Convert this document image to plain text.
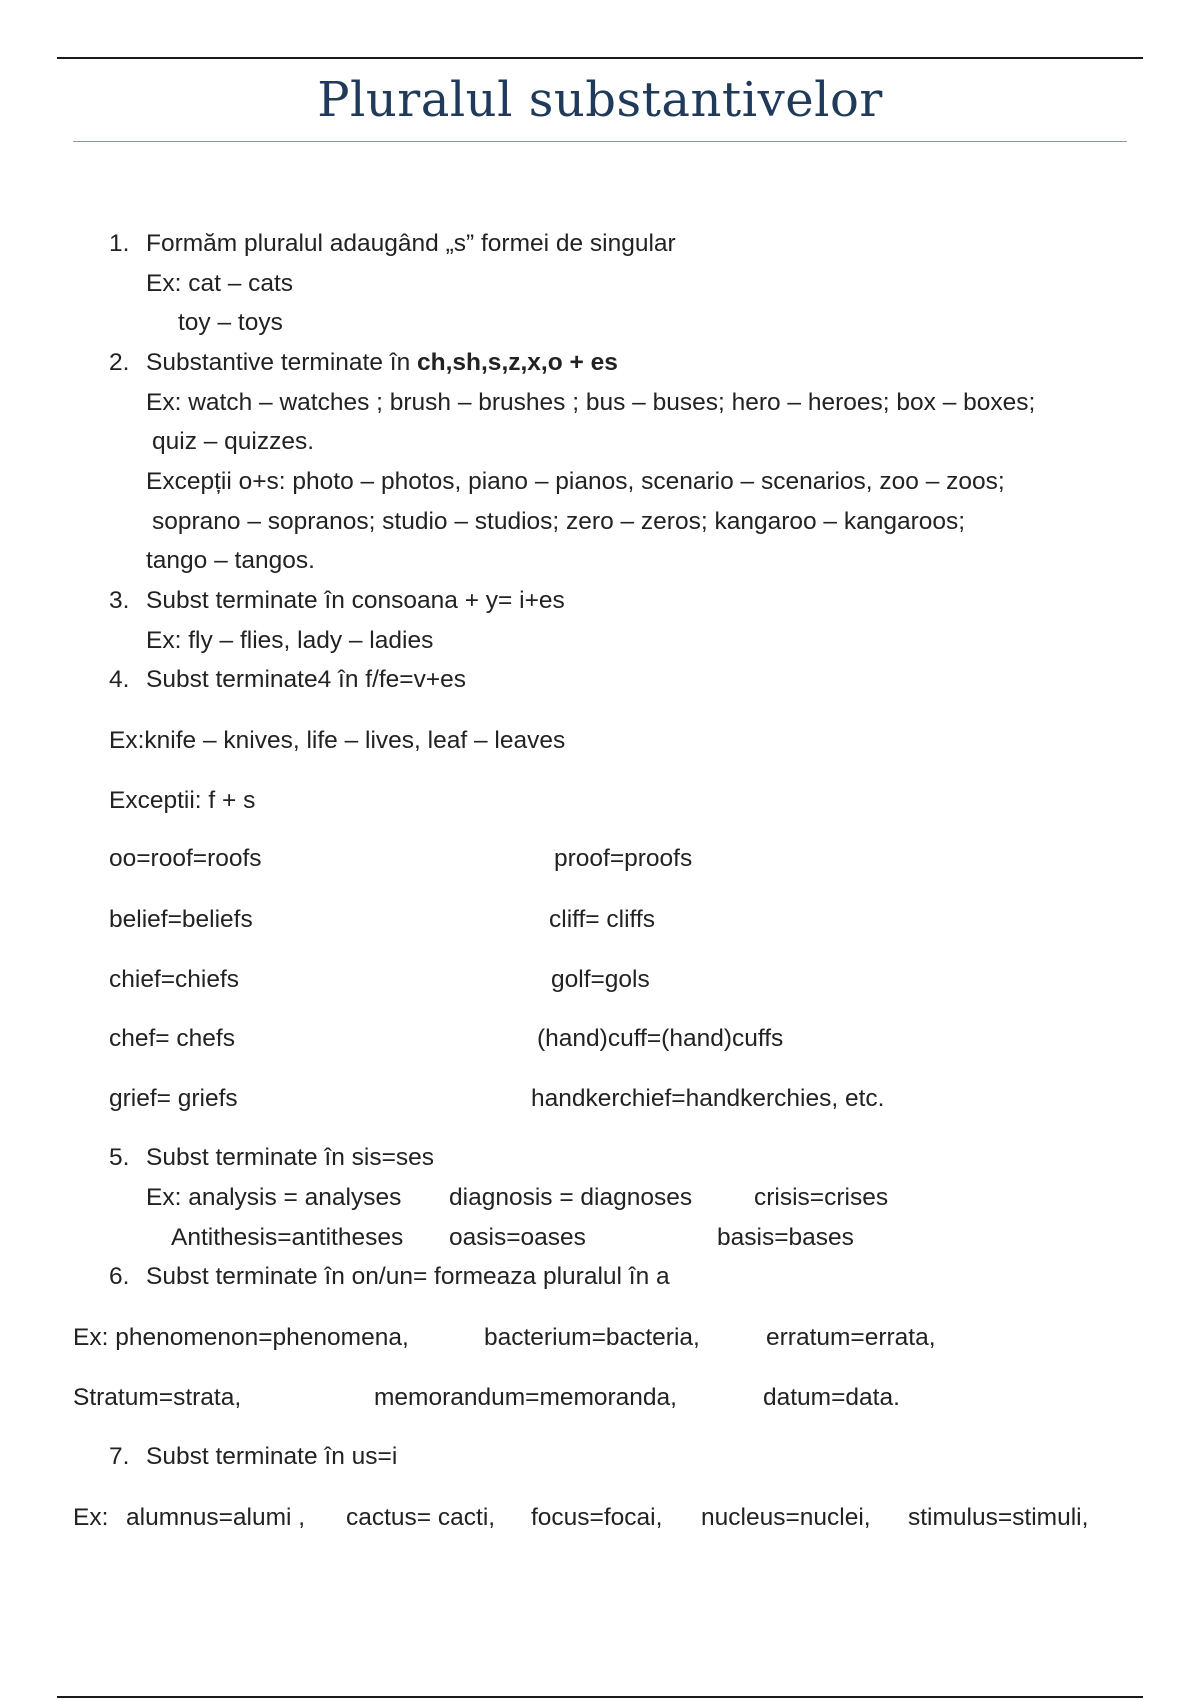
Pluralul substantivelor
1. Formăm pluralul adaugând „s” formei de singular
Ex: cat – cats
toy – toys
2. Substantive terminate în ch,sh,s,z,x,o + es
Ex: watch – watches ; brush – brushes ; bus – buses; hero – heroes; box – boxes;
quiz – quizzes.
Excepții o+s: photo – photos, piano – pianos, scenario – scenarios, zoo – zoos;
soprano – sopranos; studio – studios; zero – zeros; kangaroo – kangaroos;
tango – tangos.
3. Subst terminate în consoana + y= i+es
Ex: fly – flies, lady – ladies
4. Subst terminate4 în f/fe=v+es
Ex:knife – knives, life – lives, leaf – leaves
Exceptii: f + s
oo=roof=roofs	proof=proofs
belief=beliefs	cliff= cliffs
chief=chiefs	golf=gols
chef= chefs	(hand)cuff=(hand)cuffs
grief= griefs	handkerchief=handkerchies, etc.
5. Subst terminate în sis=ses
Ex: analysis = analyses diagnosis = diagnoses	crisis=crises
Antithesis=antitheses oasis=oases	basis=bases
6. Subst terminate în on/un= formeaza pluralul în a
Ex: phenomenon=phenomena,	bacterium=bacteria,	erratum=errata,
Stratum=strata,	memorandum=memoranda,	datum=data.
7. Subst terminate în us=i
Ex: alumnus=alumi , cactus= cacti, focus=focai, nucleus=nuclei, stimulus=stimuli,
